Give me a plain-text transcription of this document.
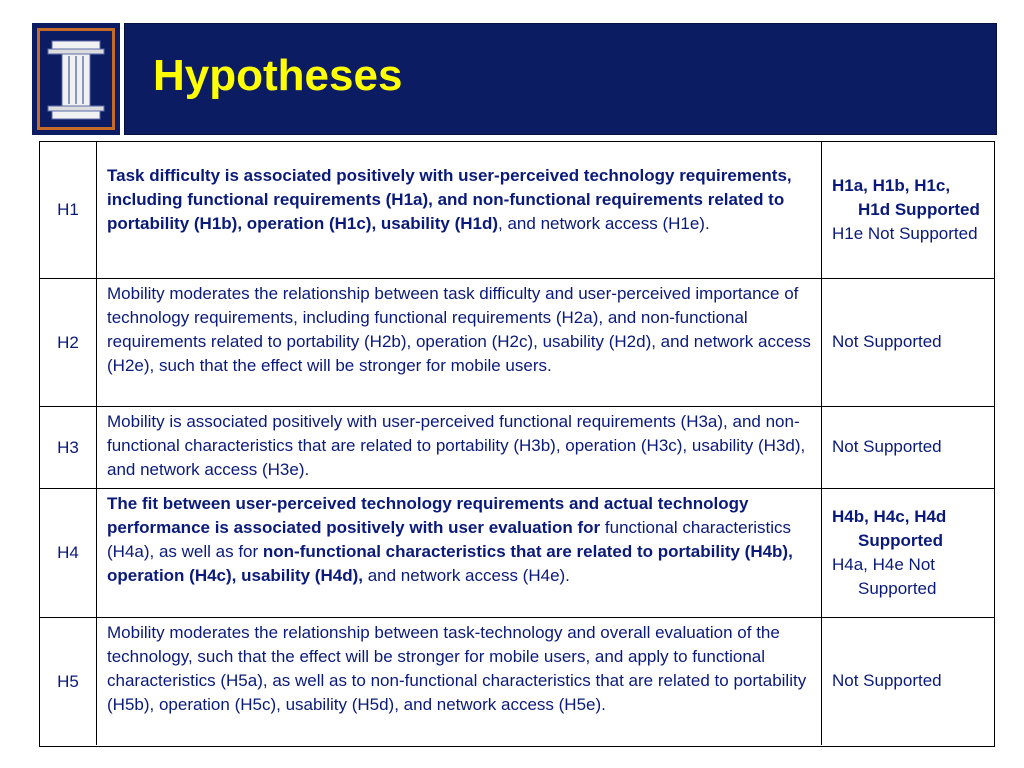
Hypotheses
H1
Task difficulty is associated positively with user-perceived technology requirements, including functional requirements (H1a), and non-functional requirements related to portability (H1b), operation (H1c), usability (H1d), and network access (H1e).
H1a, H1b, H1c, H1d Supported
H1e Not Supported
H2
Mobility moderates the relationship between task difficulty and user-perceived importance of technology requirements, including functional requirements (H2a), and non-functional requirements related to portability (H2b), operation (H2c), usability (H2d), and network access (H2e), such that the effect will be stronger for mobile users.
Not Supported
H3
Mobility is associated positively with user-perceived functional requirements (H3a), and non-functional characteristics that are related to portability (H3b), operation (H3c), usability (H3d), and network access (H3e).
Not Supported
H4
The fit between user-perceived technology requirements and actual technology performance is associated positively with user evaluation for functional characteristics (H4a), as well as for non-functional characteristics that are related to portability (H4b), operation (H4c), usability (H4d), and network access (H4e).
H4b, H4c, H4d Supported
H4a, H4e Not Supported
H5
Mobility moderates the relationship between task-technology and overall evaluation of the technology, such that the effect will be stronger for mobile users, and apply to functional characteristics (H5a), as well as to non-functional characteristics that are related to portability (H5b), operation (H5c), usability (H5d), and network access (H5e).
Not Supported
